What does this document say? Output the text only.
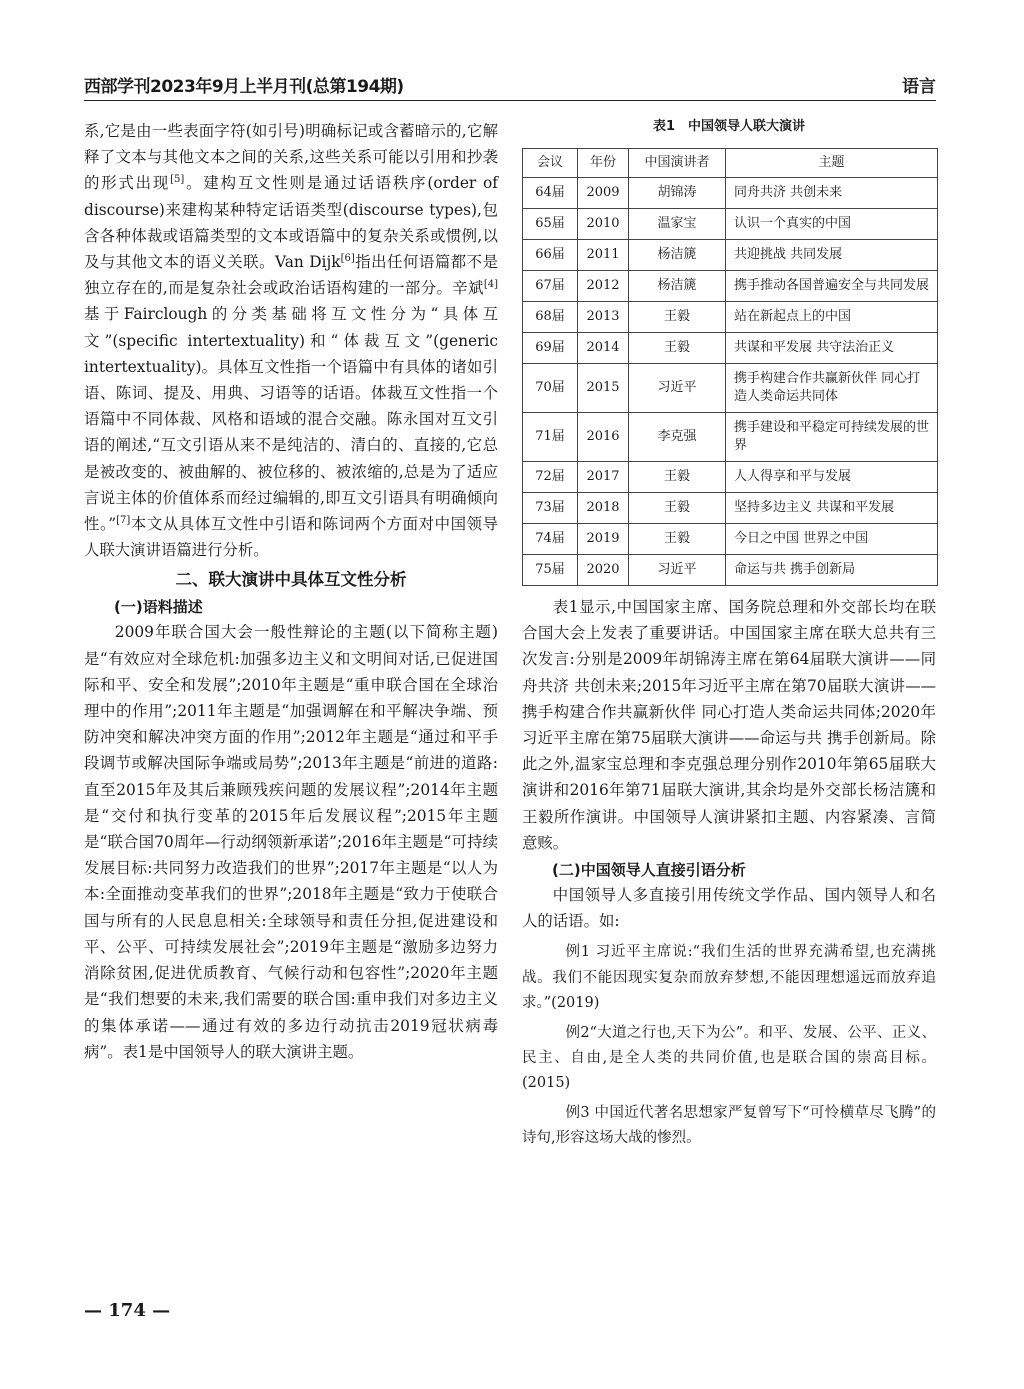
西部学刊2023年9月上半月刊(总第194期)	语言

系,它是由一些表面字符(如引号)明确标记或含蓄暗示的,它解释了文本与其他文本之间的关系,这些关系可能以引用和抄袭的形式出现[5]。建构互文性则是通过话语秩序(order of discourse)来建构某种特定话语类型(discourse types),包含各种体裁或语篇类型的文本或语篇中的复杂关系或惯例,以及与其他文本的语义关联。Van Dijk[6]指出任何语篇都不是独立存在的,而是复杂社会或政治话语构建的一部分。辛斌[4]基于Fairclough的分类基础将互文性分为“具体互文”(specific intertextuality)和“体裁互文”(generic intertextuality)。具体互文性指一个语篇中有具体的诸如引语、陈词、提及、用典、习语等的话语。体裁互文性指一个语篇中不同体裁、风格和语域的混合交融。陈永国对互文引语的阐述,“互文引语从来不是纯洁的、清白的、直接的,它总是被改变的、被曲解的、被位移的、被浓缩的,总是为了适应言说主体的价值体系而经过编辑的,即互文引语具有明确倾向性。”[7]本文从具体互文性中引语和陈词两个方面对中国领导人联大演讲语篇进行分析。

二、联大演讲中具体互文性分析
(一)语料描述

2009年联合国大会一般性辩论的主题(以下简称主题)是“有效应对全球危机:加强多边主义和文明间对话,已促进国际和平、安全和发展”;2010年主题是“重申联合国在全球治理中的作用”;2011年主题是“加强调解在和平解决争端、预防冲突和解决冲突方面的作用”;2012年主题是“通过和平手段调节或解决国际争端或局势”;2013年主题是“前进的道路:直至2015年及其后兼顾残疾问题的发展议程”;2014年主题是“交付和执行变革的2015年后发展议程”;2015年主题是“联合国70周年—行动纲领新承诺”;2016年主题是“可持续发展目标:共同努力改造我们的世界”;2017年主题是“以人为本:全面推动变革我们的世界”;2018年主题是“致力于使联合国与所有的人民息息相关:全球领导和责任分担,促进建设和平、公平、可持续发展社会”;2019年主题是“激励多边努力消除贫困,促进优质教育、气候行动和包容性”;2020年主题是“我们想要的未来,我们需要的联合国:重申我们对多边主义的集体承诺——通过有效的多边行动抗击2019冠状病毒病”。表1是中国领导人的联大演讲主题。

表1　中国领导人联大演讲
会议	年份	中国演讲者	主题
64届	2009	胡锦涛	同舟共济 共创未来
65届	2010	温家宝	认识一个真实的中国
66届	2011	杨洁篪	共迎挑战 共同发展
67届	2012	杨洁篪	携手推动各国普遍安全与共同发展
68届	2013	王毅	站在新起点上的中国
69届	2014	王毅	共谋和平发展 共守法治正义
70届	2015	习近平	携手构建合作共赢新伙伴 同心打造人类命运共同体
71届	2016	李克强	携手建设和平稳定可持续发展的世界
72届	2017	王毅	人人得享和平与发展
73届	2018	王毅	坚持多边主义 共谋和平发展
74届	2019	王毅	今日之中国 世界之中国
75届	2020	习近平	命运与共 携手创新局

表1显示,中国国家主席、国务院总理和外交部长均在联合国大会上发表了重要讲话。中国国家主席在联大总共有三次发言:分别是2009年胡锦涛主席在第64届联大演讲——同舟共济 共创未来;2015年习近平主席在第70届联大演讲——携手构建合作共赢新伙伴 同心打造人类命运共同体;2020年习近平主席在第75届联大演讲——命运与共 携手创新局。除此之外,温家宝总理和李克强总理分别作2010年第65届联大演讲和2016年第71届联大演讲,其余均是外交部长杨洁篪和王毅所作演讲。中国领导人演讲紧扣主题、内容紧凑、言简意赅。

(二)中国领导人直接引语分析

中国领导人多直接引用传统文学作品、国内领导人和名人的话语。如:

例1 习近平主席说:“我们生活的世界充满希望,也充满挑战。我们不能因现实复杂而放弃梦想,不能因理想遥远而放弃追求。”(2019)

例2“大道之行也,天下为公”。和平、发展、公平、正义、民主、自由,是全人类的共同价值,也是联合国的崇高目标。(2015)

例3 中国近代著名思想家严复曾写下“可怜横草尽飞腾”的诗句,形容这场大战的惨烈。

— 174 —
